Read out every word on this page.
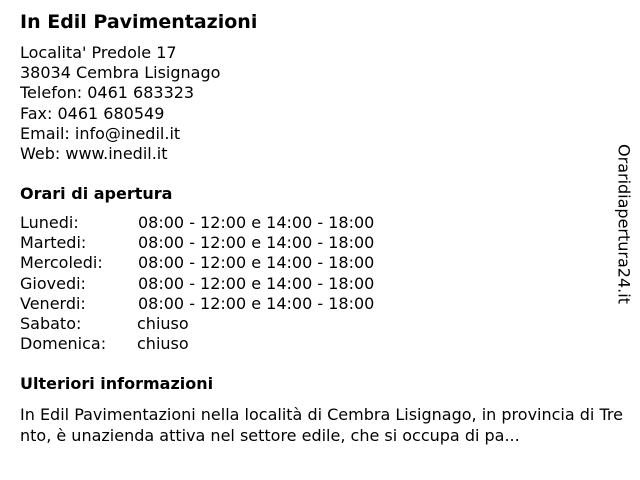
In Edil Pavimentazioni
Localita' Predole 17
38034 Cembra Lisignago
Telefon: 0461 683323
Fax: 0461 680549
Email: info@inedil.it
Web: www.inedil.it
Orari di apertura
Lunedi:	08:00 - 12:00 e 14:00 - 18:00
Martedi:	08:00 - 12:00 e 14:00 - 18:00
Mercoledi: 08:00 - 12:00 e 14:00 - 18:00
Giovedi:	08:00 - 12:00 e 14:00 - 18:00
Venerdi:	08:00 - 12:00 e 14:00 - 18:00
Sabato:	chiuso
Domenica: chiuso
Ulteriori informazioni
In Edil Pavimentazioni nella località di Cembra Lisignago, in provincia di Trento, è unazienda attiva nel settore edile, che si occupa di pa...
Oraridiapertura24.it
